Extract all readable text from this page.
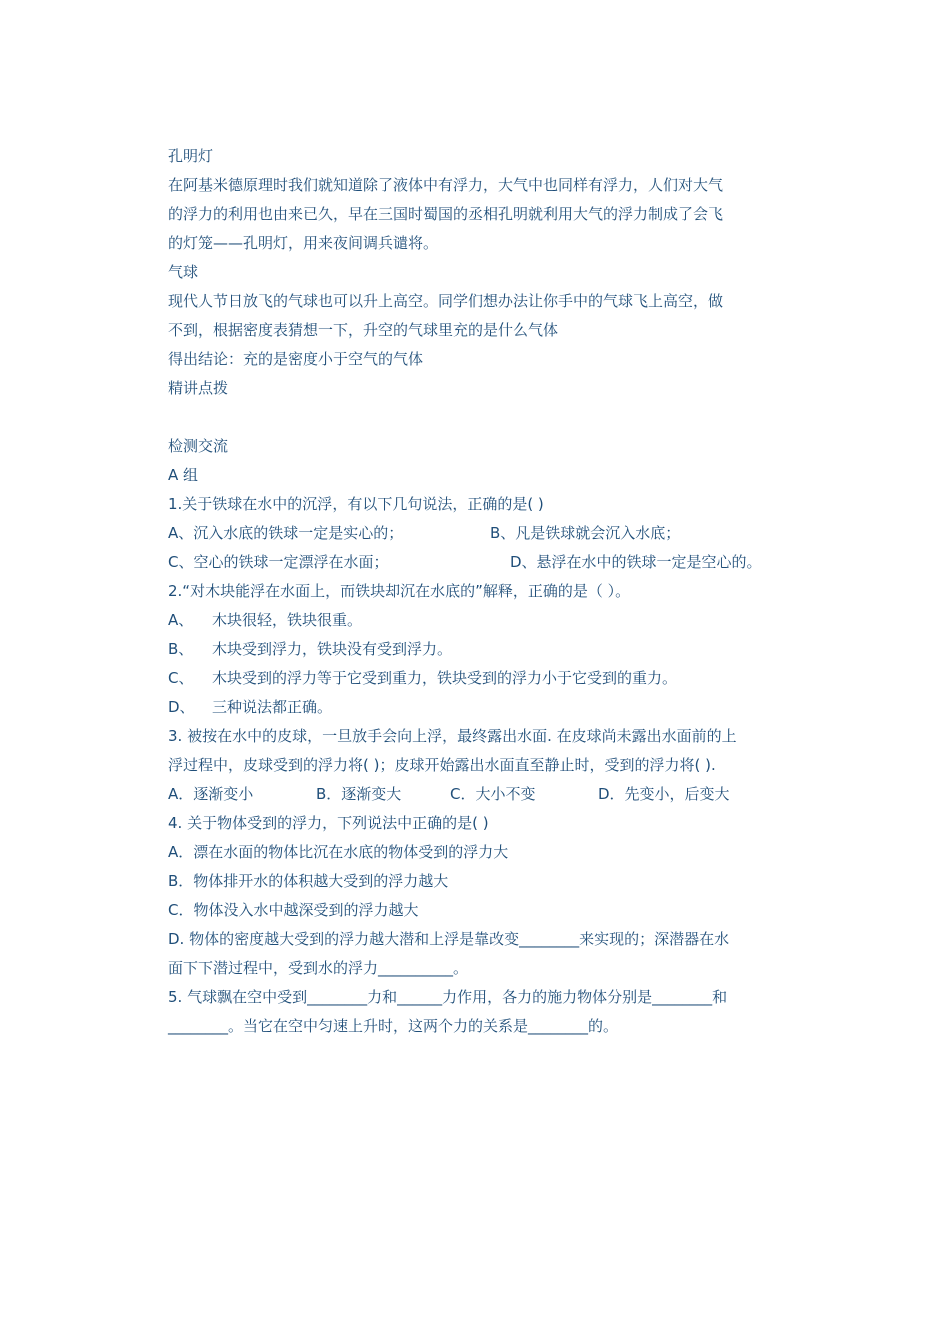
孔明灯
在阿基米德原理时我们就知道除了液体中有浮力，大气中也同样有浮力，人们对大气
的浮力的利用也由来已久，早在三国时蜀国的丞相孔明就利用大气的浮力制成了会飞
的灯笼——孔明灯，用来夜间调兵谴将。
气球
现代人节日放飞的气球也可以升上高空。同学们想办法让你手中的气球飞上高空，做
不到，根据密度表猜想一下，升空的气球里充的是什么气体
得出结论：充的是密度小于空气的气体
精讲点拨
检测交流
A 组
1.关于铁球在水中的沉浮，有以下几句说法，正确的是( )
A、沉入水底的铁球一定是实心的；	B、凡是铁球就会沉入水底；
C、空心的铁球一定漂浮在水面；	D、悬浮在水中的铁球一定是空心的。
2.“对木块能浮在水面上，而铁块却沉在水底的”解释，正确的是（ ）。
A、 木块很轻，铁块很重。
B、 木块受到浮力，铁块没有受到浮力。
C、 木块受到的浮力等于它受到重力，铁块受到的浮力小于它受到的重力。
D、 三种说法都正确。
3. 被按在水中的皮球，一旦放手会向上浮，最终露出水面. 在皮球尚未露出水面前的上
浮过程中，皮球受到的浮力将( )；皮球开始露出水面直至静止时，受到的浮力将( ).
A．逐渐变小	B．逐渐变大	C．大小不变	D．先变小，后变大
4. 关于物体受到的浮力，下列说法中正确的是( )
A．漂在水面的物体比沉在水底的物体受到的浮力大
B．物体排开水的体积越大受到的浮力越大
C．物体没入水中越深受到的浮力越大
D. 物体的密度越大受到的浮力越大潜和上浮是靠改变________来实现的；深潜器在水
面下下潜过程中，受到水的浮力__________。
5. 气球飘在空中受到________力和______力作用，各力的施力物体分别是________和
________。当它在空中匀速上升时，这两个力的关系是________的。
